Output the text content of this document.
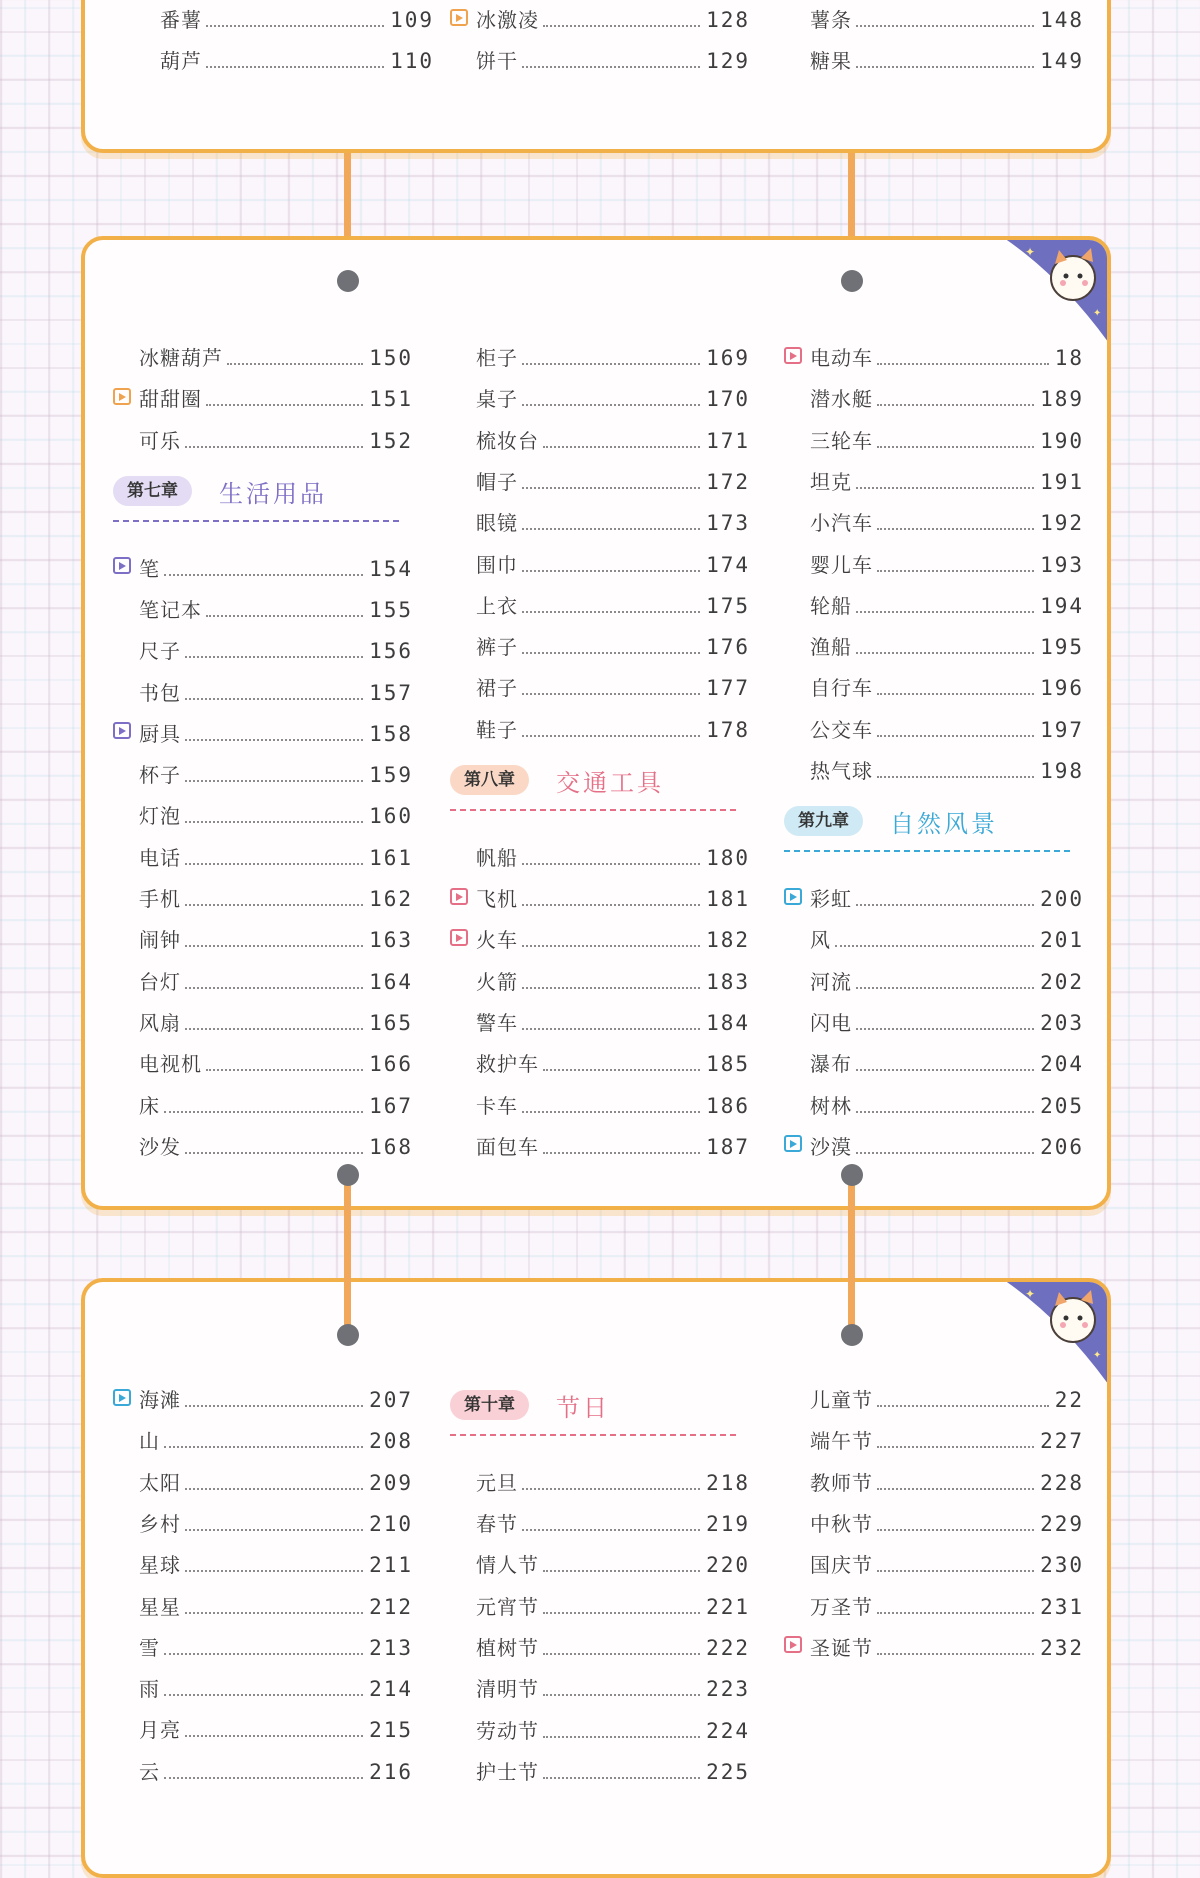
番薯	109
葫芦	110
冰激凌	128
饼干	129
薯条	148
糖果	149
✦
✦
冰糖葫芦	150
甜甜圈	151
可乐	152
第七章	生活用品
笔	154
笔记本	155
尺子	156
书包	157
厨具	158
杯子	159
灯泡	160
电话	161
手机	162
闹钟	163
台灯	164
风扇	165
电视机	166
床	167
沙发	168
柜子	169
桌子	170
梳妆台	171
帽子	172
眼镜	173
围巾	174
上衣	175
裤子	176
裙子	177
鞋子	178
第八章	交通工具
帆船	180
飞机	181
火车	182
火箭	183
警车	184
救护车	185
卡车	186
面包车	187
电动车	18
潜水艇	189
三轮车	190
坦克	191
小汽车	192
婴儿车	193
轮船	194
渔船	195
自行车	196
公交车	197
热气球	198
第九章	自然风景
彩虹	200
风	201
河流	202
闪电	203
瀑布	204
树林	205
沙漠	206
✦
✦
海滩	207
山	208
太阳	209
乡村	210
星球	211
星星	212
雪	213
雨	214
月亮	215
云	216
第十章	节日
元旦	218
春节	219
情人节	220
元宵节	221
植树节	222
清明节	223
劳动节	224
护士节	225
儿童节	22
端午节	227
教师节	228
中秋节	229
国庆节	230
万圣节	231
圣诞节	232
